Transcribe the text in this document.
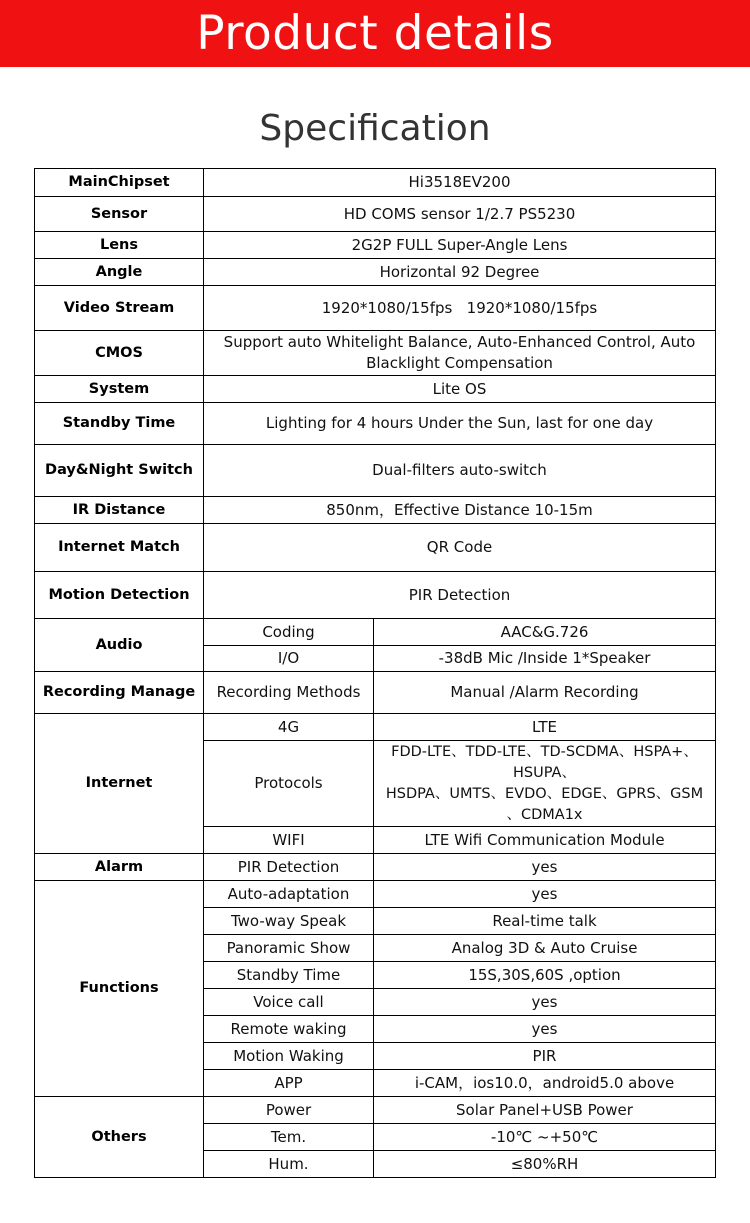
Product details
Specification
MainChipset	Hi3518EV200	
Sensor	HD COMS sensor 1/2.7 PS5230	
Lens	2G2P FULL Super-Angle Lens	
Angle	Horizontal 92 Degree	
Video Stream	1920*1080/15fps   1920*1080/15fps	
CMOS	Support auto Whitelight Balance, Auto-Enhanced Control, Auto Blacklight Compensation	
System	Lite OS	
Standby Time	Lighting for 4 hours Under the Sun, last for one day	
Day&Night Switch	Dual-filters auto-switch	
IR Distance	850nm，Effective Distance 10-15m	
Internet Match	QR Code	
Motion Detection	PIR Detection	
Audio	Coding	AAC&G.726
	I/O	-38dB Mic /Inside 1*Speaker
Recording Manage	Recording Methods	Manual /Alarm Recording
Internet	4G	LTE
	Protocols	FDD-LTE、TDD-LTE、TD-SCDMA、HSPA+、
HSUPA、
HSDPA、UMTS、EVDO、EDGE、GPRS、GSM
、CDMA1x

	WIFI	LTE Wifi Communication Module
Alarm	PIR Detection	yes
Functions	Auto-adaptation	yes
	Two-way Speak	Real-time talk
	Panoramic Show	Analog 3D & Auto Cruise
	Standby Time	15S,30S,60S ,option
	Voice call	yes
	Remote waking	yes
	Motion Waking	PIR
	APP	i-CAM，ios10.0，android5.0 above
Others	Power	Solar Panel+USB Power
	Tem.	-10℃ ~+50℃
	Hum.	≤80%RH
